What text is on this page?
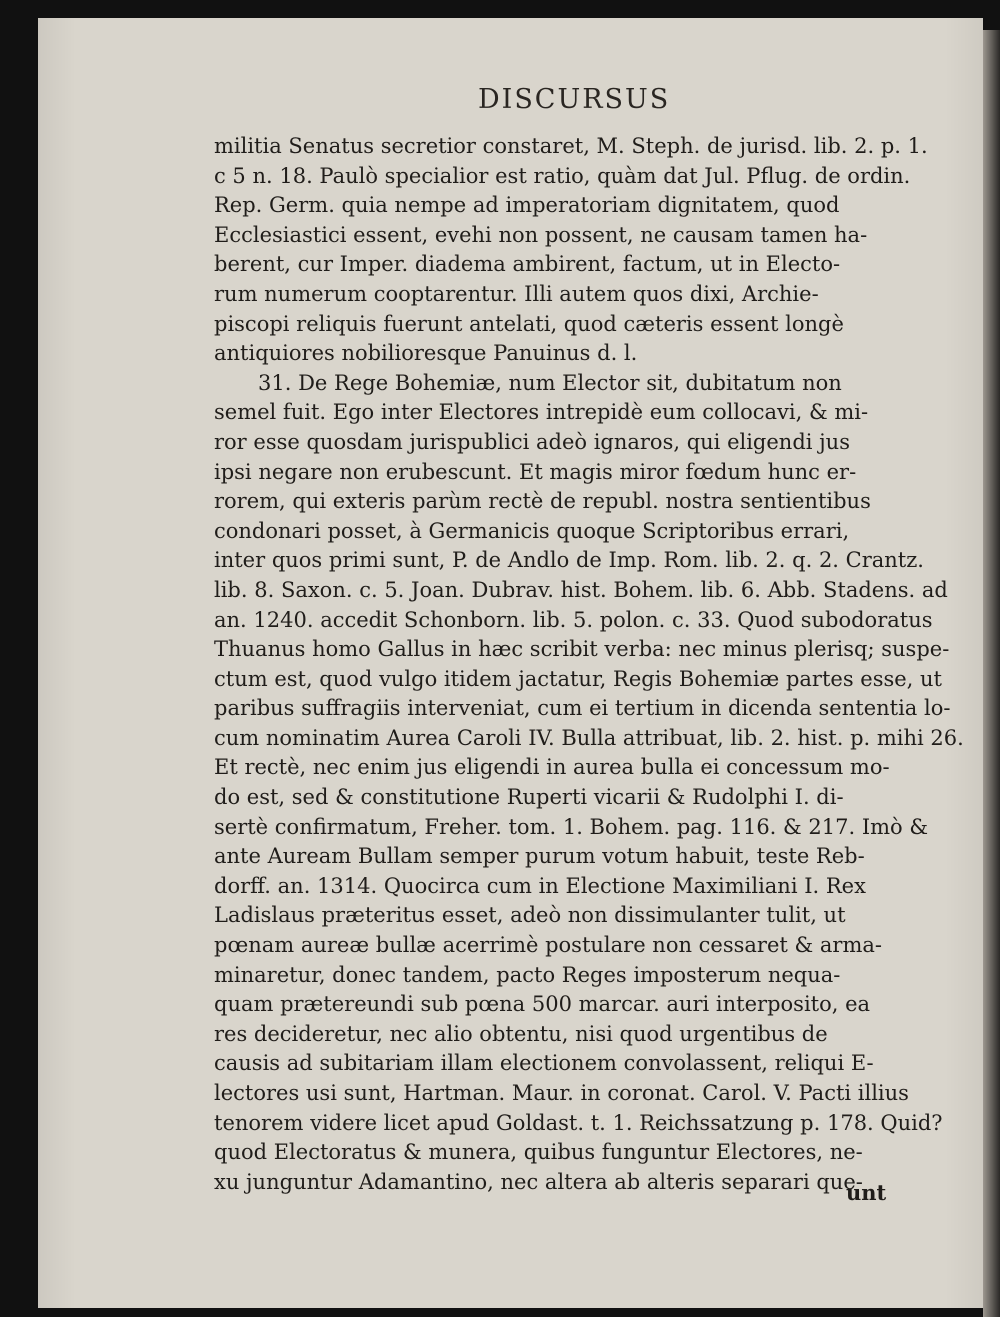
DISCURSUS
militia Senatus secretior constaret, M. Steph. de jurisd. lib. 2. p. 1.
c 5 n. 18. Paulò specialior est ratio, quàm dat Jul. Pflug. de ordin.
Rep. Germ. quia nempe ad imperatoriam dignitatem, quod
Ecclesiastici essent, evehi non possent, ne causam tamen ha-
berent, cur Imper. diadema ambirent, factum, ut in Electo-
rum numerum cooptarentur. Illi autem quos dixi, Archie-
piscopi reliquis fuerunt antelati, quod cæteris essent longè
antiquiores nobilioresque Panuinus d. l.
31. De Rege Bohemiæ, num Elector sit, dubitatum non
semel fuit. Ego inter Electores intrepidè eum collocavi, & mi-
ror esse quosdam jurispublici adeò ignaros, qui eligendi jus
ipsi negare non erubescunt. Et magis miror fœdum hunc er-
rorem, qui exteris parùm rectè de republ. nostra sentientibus
condonari posset, à Germanicis quoque Scriptoribus errari,
inter quos primi sunt, P. de Andlo de Imp. Rom. lib. 2. q. 2. Crantz.
lib. 8. Saxon. c. 5. Joan. Dubrav. hist. Bohem. lib. 6. Abb. Stadens. ad
an. 1240. accedit Schonborn. lib. 5. polon. c. 33. Quod subodoratus
Thuanus homo Gallus in hæc scribit verba: nec minus plerisq; suspe-
ctum est, quod vulgo itidem jactatur, Regis Bohemiæ partes esse, ut
paribus suffragiis interveniat, cum ei tertium in dicenda sententia lo-
cum nominatim Aurea Caroli IV. Bulla attribuat, lib. 2. hist. p. mihi 26.
Et rectè, nec enim jus eligendi in aurea bulla ei concessum mo-
do est, sed & constitutione Ruperti vicarii & Rudolphi I. di-
sertè confirmatum, Freher. tom. 1. Bohem. pag. 116. & 217. Imò &
ante Auream Bullam semper purum votum habuit, teste Reb-
dorff. an. 1314. Quocirca cum in Electione Maximiliani I. Rex
Ladislaus præteritus esset, adeò non dissimulanter tulit, ut
pœnam aureæ bullæ acerrimè postulare non cessaret & arma-
minaretur, donec tandem, pacto Reges imposterum nequa-
quam prætereundi sub pœna 500 marcar. auri interposito, ea
res decideretur, nec alio obtentu, nisi quod urgentibus de
causis ad subitariam illam electionem convolassent, reliqui E-
lectores usi sunt, Hartman. Maur. in coronat. Carol. V. Pacti illius
tenorem videre licet apud Goldast. t. 1. Reichssatzung p. 178. Quid?
quod Electoratus & munera, quibus funguntur Electores, ne-
xu junguntur Adamantino, nec altera ab alteris separari que-
unt
